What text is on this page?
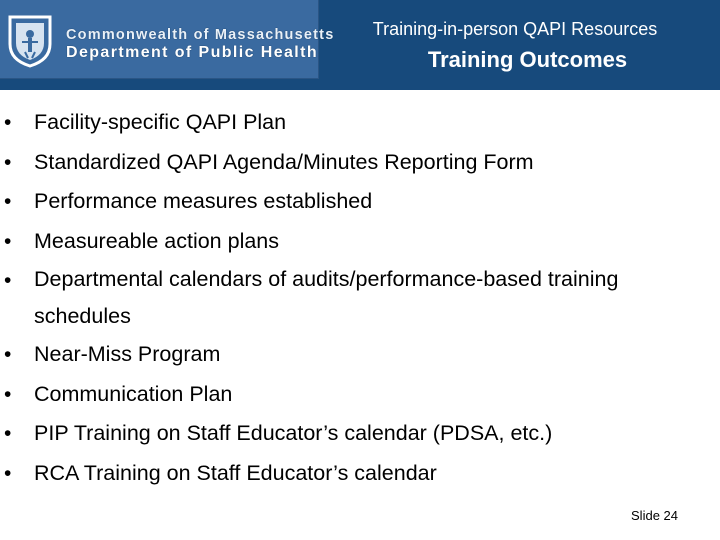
Commonwealth of Massachusetts
Department of Public Health
Training-in-person QAPI Resources
Training Outcomes
• Facility-specific QAPI Plan
• Standardized QAPI Agenda/Minutes Reporting Form
• Performance measures established
• Measureable action plans
• Departmental calendars of audits/performance-based training schedules
• Near-Miss Program
• Communication Plan
• PIP Training on Staff Educator’s calendar (PDSA, etc.)
• RCA Training on Staff Educator’s calendar
Slide 24
